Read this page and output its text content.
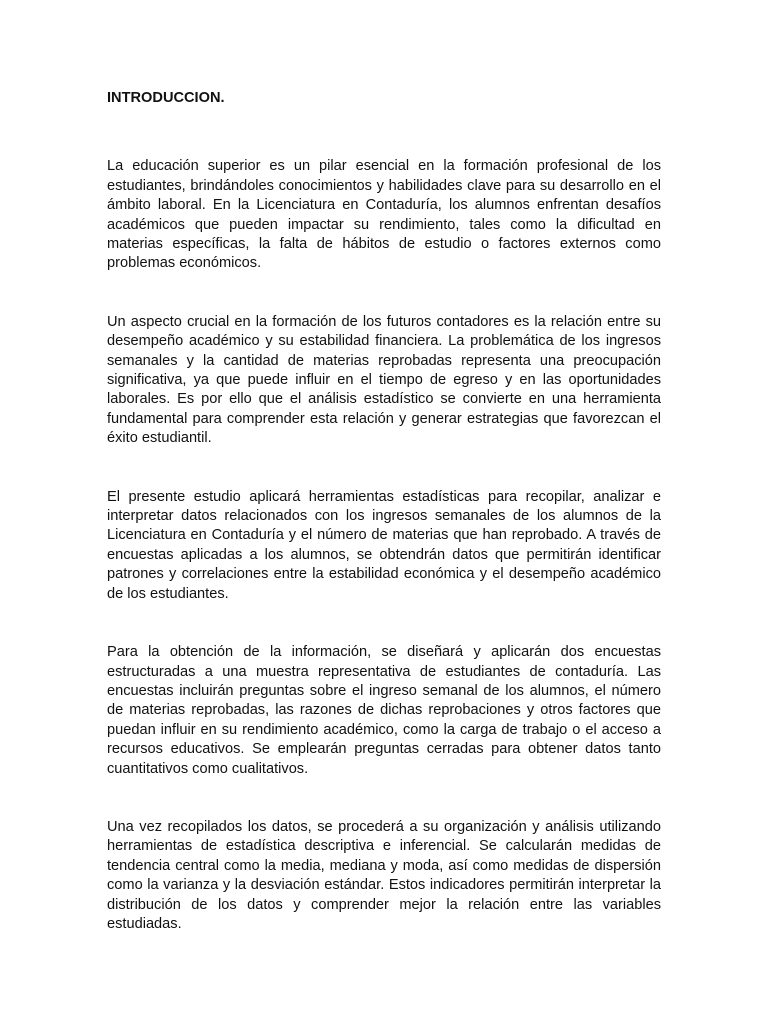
INTRODUCCION.

La educación superior es un pilar esencial en la formación profesional de los estudiantes, brindándoles conocimientos y habilidades clave para su desarrollo en el ámbito laboral. En la Licenciatura en Contaduría, los alumnos enfrentan desafíos académicos que pueden impactar su rendimiento, tales como la dificultad en materias específicas, la falta de hábitos de estudio o factores externos como problemas económicos.

Un aspecto crucial en la formación de los futuros contadores es la relación entre su desempeño académico y su estabilidad financiera. La problemática de los ingresos semanales y la cantidad de materias reprobadas representa una preocupación significativa, ya que puede influir en el tiempo de egreso y en las oportunidades laborales. Es por ello que el análisis estadístico se convierte en una herramienta fundamental para comprender esta relación y generar estrategias que favorezcan el éxito estudiantil.

El presente estudio aplicará herramientas estadísticas para recopilar, analizar e interpretar datos relacionados con los ingresos semanales de los alumnos de la Licenciatura en Contaduría y el número de materias que han reprobado. A través de encuestas aplicadas a los alumnos, se obtendrán datos que permitirán identificar patrones y correlaciones entre la estabilidad económica y el desempeño académico de los estudiantes.

Para la obtención de la información, se diseñará y aplicarán dos encuestas estructuradas a una muestra representativa de estudiantes de contaduría. Las encuestas incluirán preguntas sobre el ingreso semanal de los alumnos, el número de materias reprobadas, las razones de dichas reprobaciones y otros factores que puedan influir en su rendimiento académico, como la carga de trabajo o el acceso a recursos educativos. Se emplearán preguntas cerradas para obtener datos tanto cuantitativos como cualitativos.

Una vez recopilados los datos, se procederá a su organización y análisis utilizando herramientas de estadística descriptiva e inferencial. Se calcularán medidas de tendencia central como la media, mediana y moda, así como medidas de dispersión como la varianza y la desviación estándar. Estos indicadores permitirán interpretar la distribución de los datos y comprender mejor la relación entre las variables estudiadas.
